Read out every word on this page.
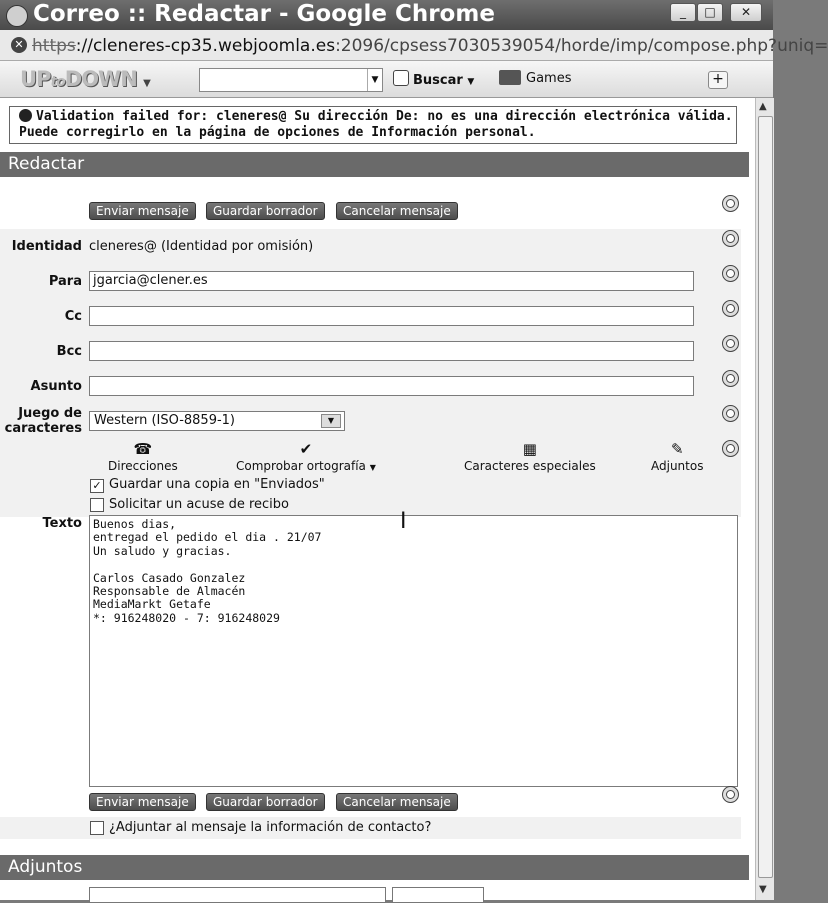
Correo :: Redactar - Google Chrome	_	□	✕
✕ https://cleneres-cp35.webjoomla.es:2096/cpsess7030539054/horde/imp/compose.php?uniq=
UPtoDOWN ▼	▼	Buscar ▼	Games	+
Validation failed for: cleneres@ Su dirección De: no es una dirección electrónica válida. Puede corregirlo en la página de opciones de Información personal.
Redactar
Enviar mensaje	Guardar borrador	Cancelar mensaje
Identidad cleneres@ (Identidad por omisión)
Para jgarcia@clener.es
Cc
Bcc
Asunto
Juego de
caracteres
Western (ISO-8859-1)	▼
☎
Direcciones
✔
Comprobar ortografía ▼
▦
Caracteres especiales
✎
Adjuntos
✓ Guardar una copia en "Enviados"
Solicitar un acuse de recibo
Texto Buenos dias,
entregad el pedido el dia . 21/07
Un saludo y gracias.

Carlos Casado Gonzalez
Responsable de Almacén
MediaMarkt Getafe
*: 916248020 - 7: 916248029
I
Enviar mensaje	Guardar borrador	Cancelar mensaje
¿Adjuntar al mensaje la información de contacto?
Adjuntos
▲
▼
